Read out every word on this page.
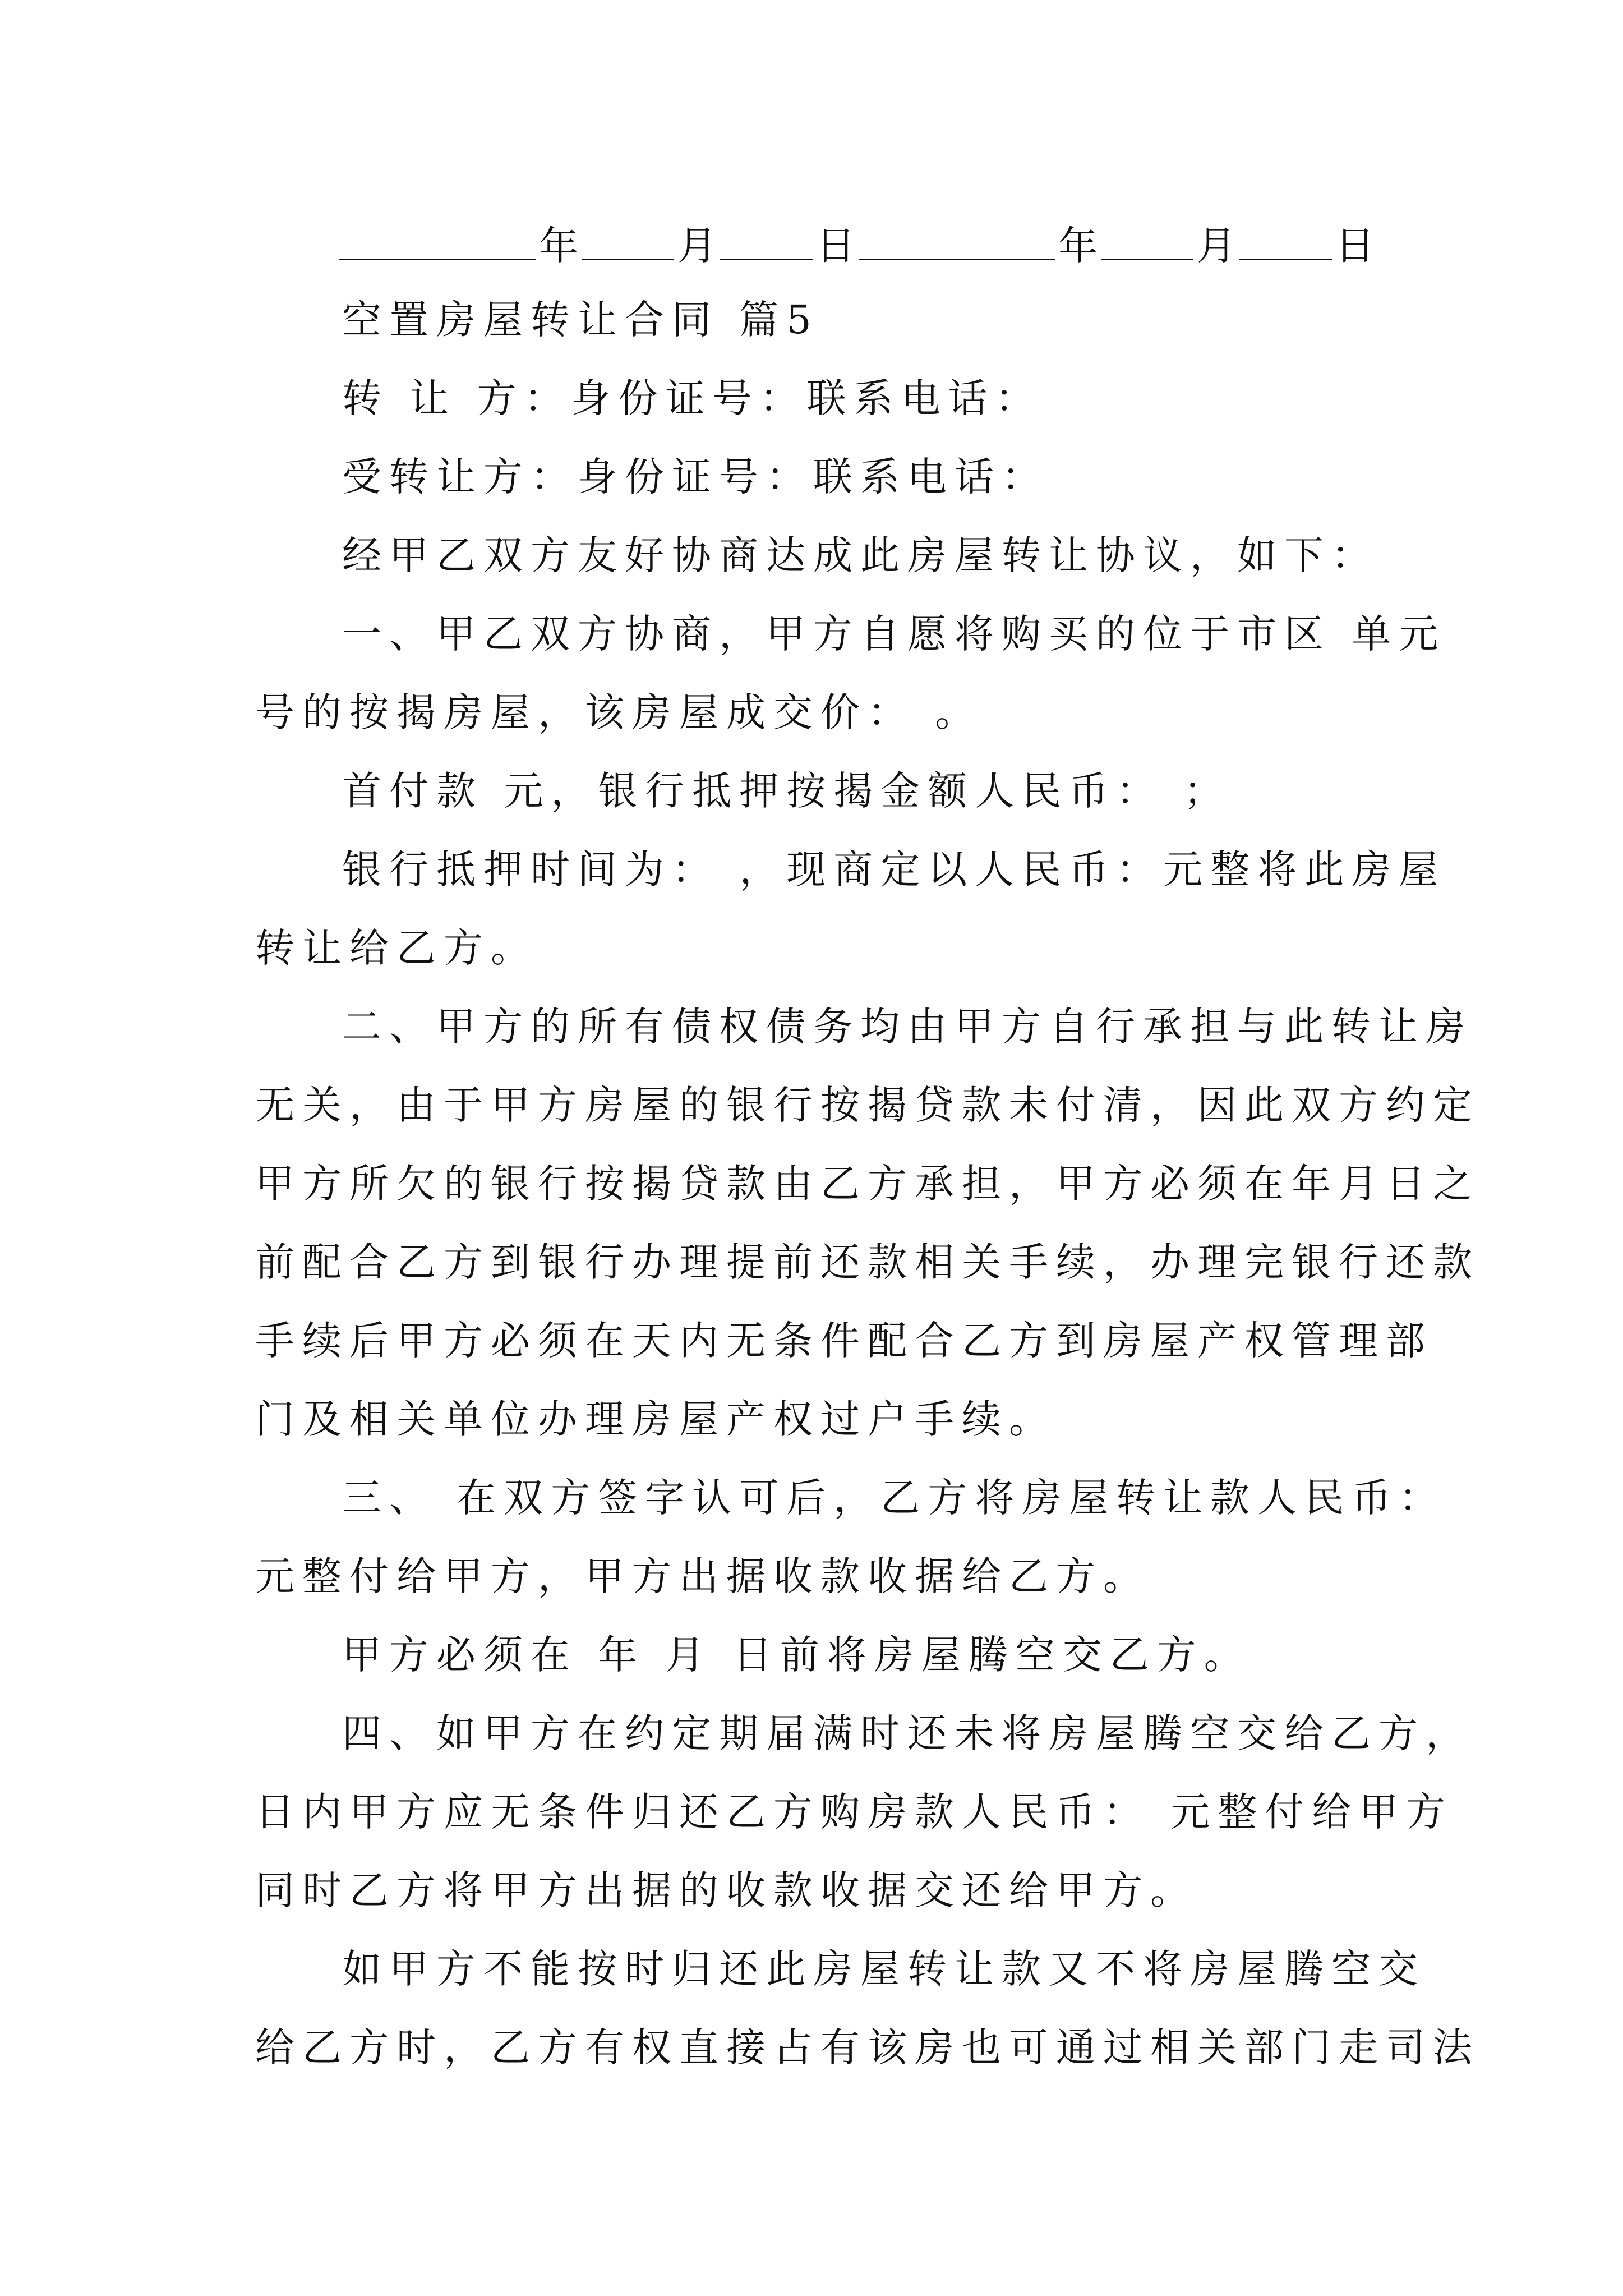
年	月	日	年	月	日
空置房屋转让合同 篇5
转 让 方：身份证号：联系电话：
受转让方：身份证号：联系电话：
经甲乙双方友好协商达成此房屋转让协议，如下：
一、甲乙双方协商，甲方自愿将购买的位于市区 单元
号的按揭房屋，该房屋成交价： 。
首付款 元，银行抵押按揭金额人民币： ；
银行抵押时间为： ，现商定以人民币：元整将此房屋
转让给乙方。
二、甲方的所有债权债务均由甲方自行承担与此转让房
无关，由于甲方房屋的银行按揭贷款未付清，因此双方约定
甲方所欠的银行按揭贷款由乙方承担，甲方必须在年月日之
前配合乙方到银行办理提前还款相关手续，办理完银行还款
手续后甲方必须在天内无条件配合乙方到房屋产权管理部
门及相关单位办理房屋产权过户手续。
三、 在双方签字认可后，乙方将房屋转让款人民币：
元整付给甲方，甲方出据收款收据给乙方。
甲方必须在 年 月 日前将房屋腾空交乙方。
四、如甲方在约定期届满时还未将房屋腾空交给乙方，
日内甲方应无条件归还乙方购房款人民币： 元整付给甲方
同时乙方将甲方出据的收款收据交还给甲方。
如甲方不能按时归还此房屋转让款又不将房屋腾空交
给乙方时，乙方有权直接占有该房也可通过相关部门走司法
